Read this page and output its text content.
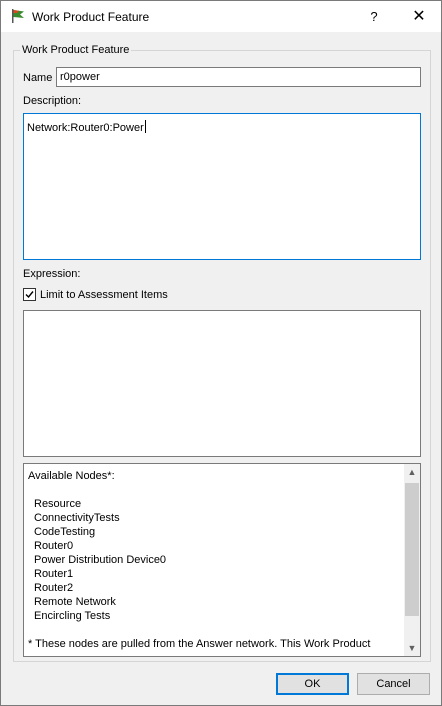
Work Product Feature	?	✕
Work Product Feature
Name r0power
Description:
Network:Router0:Power
Expression:
Limit to Assessment Items
Available Nodes*:
Resource
ConnectivityTests
CodeTesting
Router0
Power Distribution Device0
Router1
Router2
Remote Network
Encircling Tests
* These nodes are pulled from the Answer network. This Work Product
▲
▼
OK	Cancel
